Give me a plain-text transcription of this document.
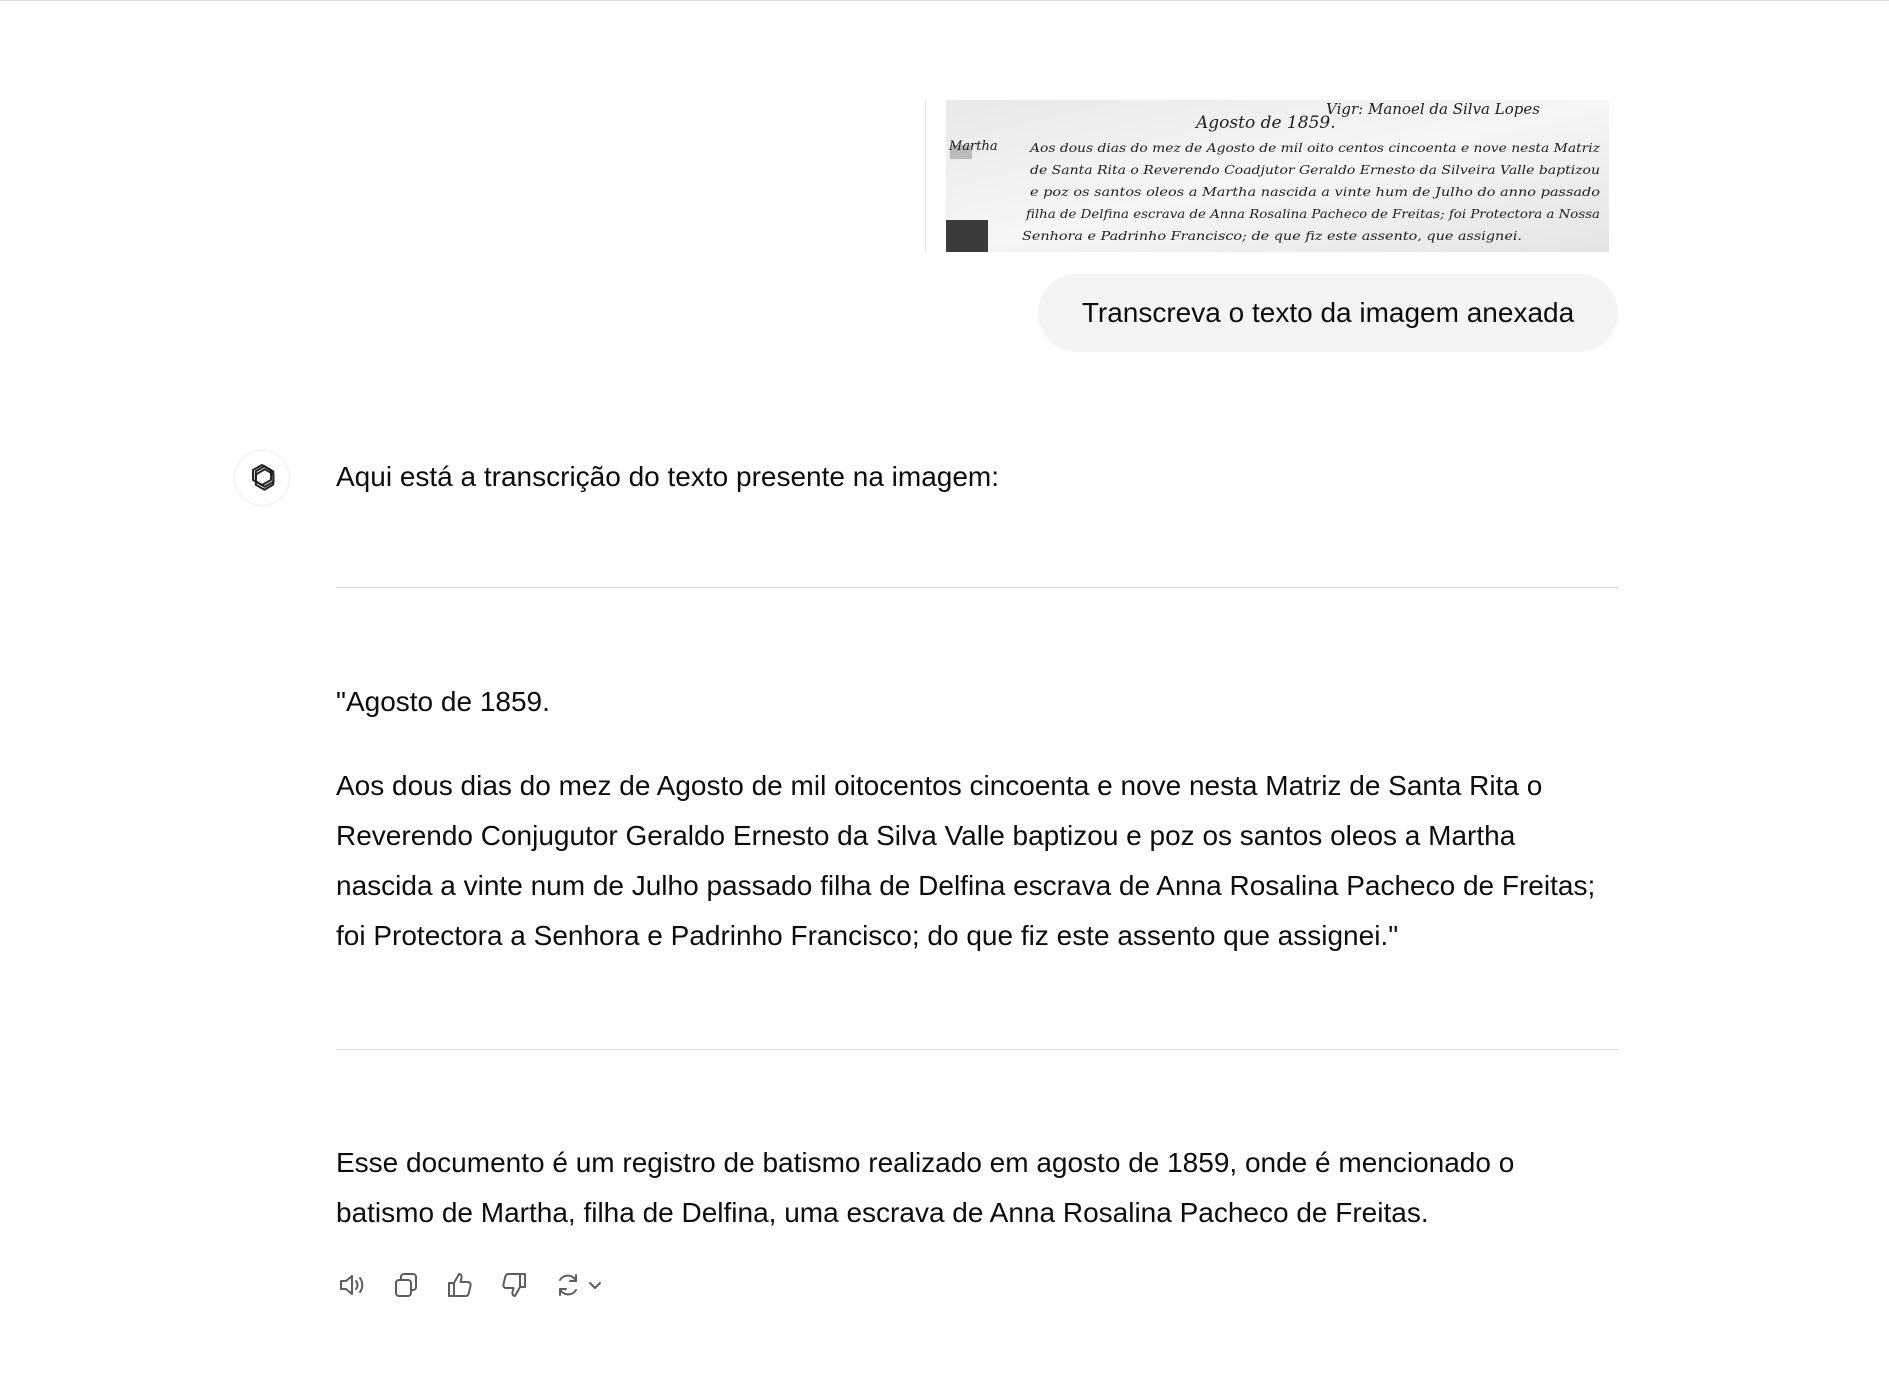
Vigr: Manoel da Silva Lopes
Agosto de 1859.
Martha	Aos dous dias do mez de Agosto de mil oito centos cincoenta e nove nesta Matriz
de Santa Rita o Reverendo Coadjutor Geraldo Ernesto da Silveira Valle baptizou
e poz os santos oleos a Martha nascida a vinte hum de Julho do anno passado
filha de Delfina escrava de Anna Rosalina Pacheco de Freitas; foi Protectora a Nossa
Senhora e Padrinho Francisco; de que fiz este assento, que assignei.
Transcreva o texto da imagem anexada

Aqui está a transcrição do texto presente na imagem:

"Agosto de 1859.

Aos dous dias do mez de Agosto de mil oitocentos cincoenta e nove nesta Matriz de Santa Rita o Reverendo Conjugutor Geraldo Ernesto da Silva Valle baptizou e poz os santos oleos a Martha nascida a vinte num de Julho passado filha de Delfina escrava de Anna Rosalina Pacheco de Freitas; foi Protectora a Senhora e Padrinho Francisco; do que fiz este assento que assignei."

Esse documento é um registro de batismo realizado em agosto de 1859, onde é mencionado o batismo de Martha, filha de Delfina, uma escrava de Anna Rosalina Pacheco de Freitas.
